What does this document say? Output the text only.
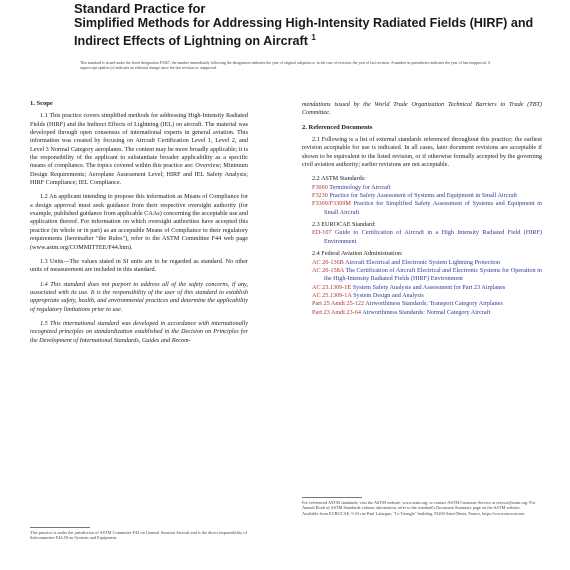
Standard Practice for
Simplified Methods for Addressing High-Intensity Radiated Fields (HIRF) and Indirect Effects of Lightning on Aircraft $^1$
This standard is issued under the fixed designation F3367; the number immediately following the designation indicates the year of original adoption or, in the case of revision, the year of last revision. A number in parentheses indicates the year of last reapproval. A superscript epsilon (ε) indicates an editorial change since the last revision or reapproval.
1. Scope

1.1 This practice covers simplified methods for addressing High-Intensity Radiated Fields (HIRF) and the Indirect Effects of Lightning (IEL) on aircraft. The material was developed through open consensus of international experts in general aviation. This information was created by focusing on Aircraft Certification Level 1, Level 2, and Level 3 Normal Category aeroplanes. The content may be more broadly applicable; it is the responsibility of the applicant to substantiate broader applicability as a specific means of compliance. The topics covered within this practice are: Overview; Minimum Design Requirements; Aeroplane Assessment Level; HIRF and IEL Safety Analysis; HIRF Compliance; IEL Compliance.

1.2 An applicant intending to propose this information as Means of Compliance for a design approval must seek guidance from their respective oversight authority (for example, published guidance from applicable CAAs) concerning the acceptable use and application thereof. For information on which oversight authorities have accepted this practice (in whole or in part) as an acceptable Means of Compliance to their regulatory requirements (hereinafter "the Rules"), refer to the ASTM Committee F44 web page (www.astm.org/COMMITTEE/F44.htm).

1.3 Units—The values stated in SI units are to be regarded as standard. No other units of measurement are included in this standard.

1.4 This standard does not purport to address all of the safety concerns, if any, associated with its use. It is the responsibility of the user of this standard to establish appropriate safety, health, and environmental practices and determine the applicability of regulatory limitations prior to use.

1.5 This international standard was developed in accordance with internationally recognized principles on standardization established in the Decision on Principles for the Development of International Standards, Guides and Recom-

This practice is under the jurisdiction of ASTM Committee F44 on General Aviation Aircraft and is the direct responsibility of Subcommittee F44.50 on Systems and Equipment.

mendations issued by the World Trade Organization Technical Barriers to Trade (TBT) Committee.

2. Referenced Documents

2.1 Following is a list of external standards referenced throughout this practice; the earliest revision acceptable for use is indicated. In all cases, later document revisions are acceptable if shown to be equivalent to the listed revision, or if otherwise formally accepted by the governing civil aviation authority; earlier revisions are not acceptable.

2.2 ASTM Standards:
F3060 Terminology for Aircraft
F3230 Practice for Safety Assessment of Systems and Equipment in Small Aircraft
F3309/F3309M Practice for Simplified Safety Assessment of Systems and Equipment in Small Aircraft
2.3 EUROCAE Standard:
ED-107 Guide to Certification of Aircraft in a High Intensity Radiated Field (HIRF) Environment
2.4 Federal Aviation Administration:
AC 20-136B Aircraft Electrical and Electronic System Lightning Protection
AC 20-158A The Certification of Aircraft Electrical and Electronic Systems for Operation in the High-Intensity Radiated Fields (HIRF) Environment
AC 23.1309-1E System Safety Analysis and Assessment for Part 23 Airplanes
AC 25.1309-1A System Design and Analysis
Part 25 Amdt 25-122 Airworthiness Standards: Transport Category Airplanes
Part 23 Amdt 23-64 Airworthiness Standards: Normal Category Aircraft
For referenced ASTM standards, visit the ASTM website, www.astm.org, or contact ASTM Customer Service at service@astm.org. For Annual Book of ASTM Standards volume information, refer to the standard's Document Summary page on the ASTM website.
Available from EUROCAE, 9-23 rue Paul Lafargue, "Le Triangle" building, 93200 Saint-Denis, France, https://www.eurocae.net.
